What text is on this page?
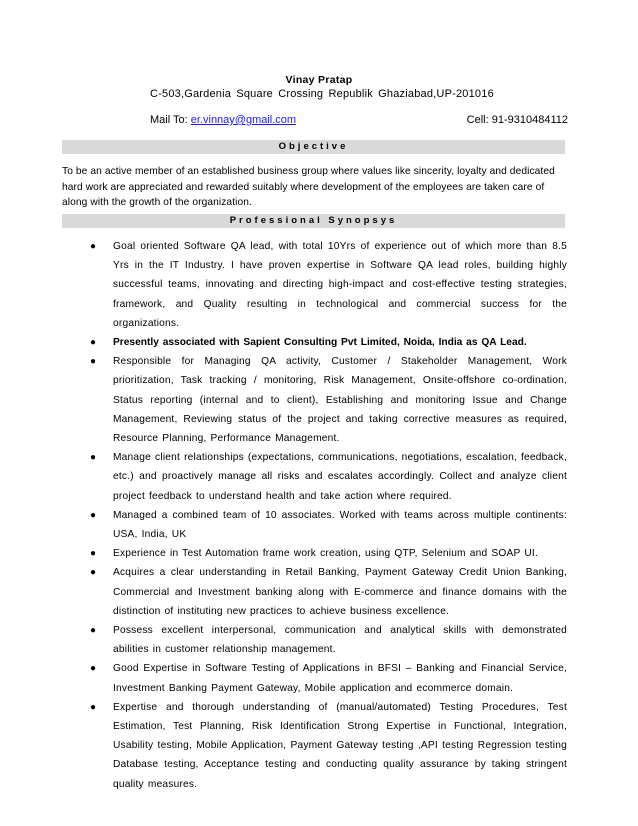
Vinay Pratap
C-503,Gardenia Square Crossing Republik Ghaziabad,UP-201016
Mail To: er.vinnay@gmail.com	Cell: 91-9310484112
Objective
To be an active member of an established business group where values like sincerity, loyalty and dedicated hard work are appreciated and rewarded suitably where development of the employees are taken care of along with the growth of the organization.
Professional Synopsys
● Goal oriented Software QA lead, with total 10Yrs of experience out of which more than 8.5 Yrs in the IT Industry. I have proven expertise in Software QA lead roles, building highly successful teams, innovating and directing high-impact and cost-effective testing strategies, framework, and Quality resulting in technological and commercial success for the organizations.
● Presently associated with Sapient Consulting Pvt Limited, Noida, India as QA Lead.
● Responsible for Managing QA activity, Customer / Stakeholder Management, Work prioritization, Task tracking / monitoring, Risk Management, Onsite-offshore co-ordination, Status reporting (internal and to client), Establishing and monitoring Issue and Change Management, Reviewing status of the project and taking corrective measures as required, Resource Planning, Performance Management.
● Manage client relationships (expectations, communications, negotiations, escalation, feedback, etc.) and proactively manage all risks and escalates accordingly. Collect and analyze client project feedback to understand health and take action where required.
● Managed a combined team of 10 associates. Worked with teams across multiple continents: USA, India, UK
● Experience in Test Automation frame work creation, using QTP, Selenium and SOAP UI.
● Acquires a clear understanding in Retail Banking, Payment Gateway Credit Union Banking, Commercial and Investment banking along with E-commerce and finance domains with the distinction of instituting new practices to achieve business excellence.
● Possess excellent interpersonal, communication and analytical skills with demonstrated abilities in customer relationship management.
● Good Expertise in Software Testing of Applications in BFSI – Banking and Financial Service, Investment Banking Payment Gateway, Mobile application and ecommerce domain.
● Expertise and thorough understanding of (manual/automated) Testing Procedures, Test Estimation, Test Planning, Risk Identification Strong Expertise in Functional, Integration, Usability testing, Mobile Application, Payment Gateway testing ,API testing Regression testing Database testing, Acceptance testing and conducting quality assurance by taking stringent quality measures.
